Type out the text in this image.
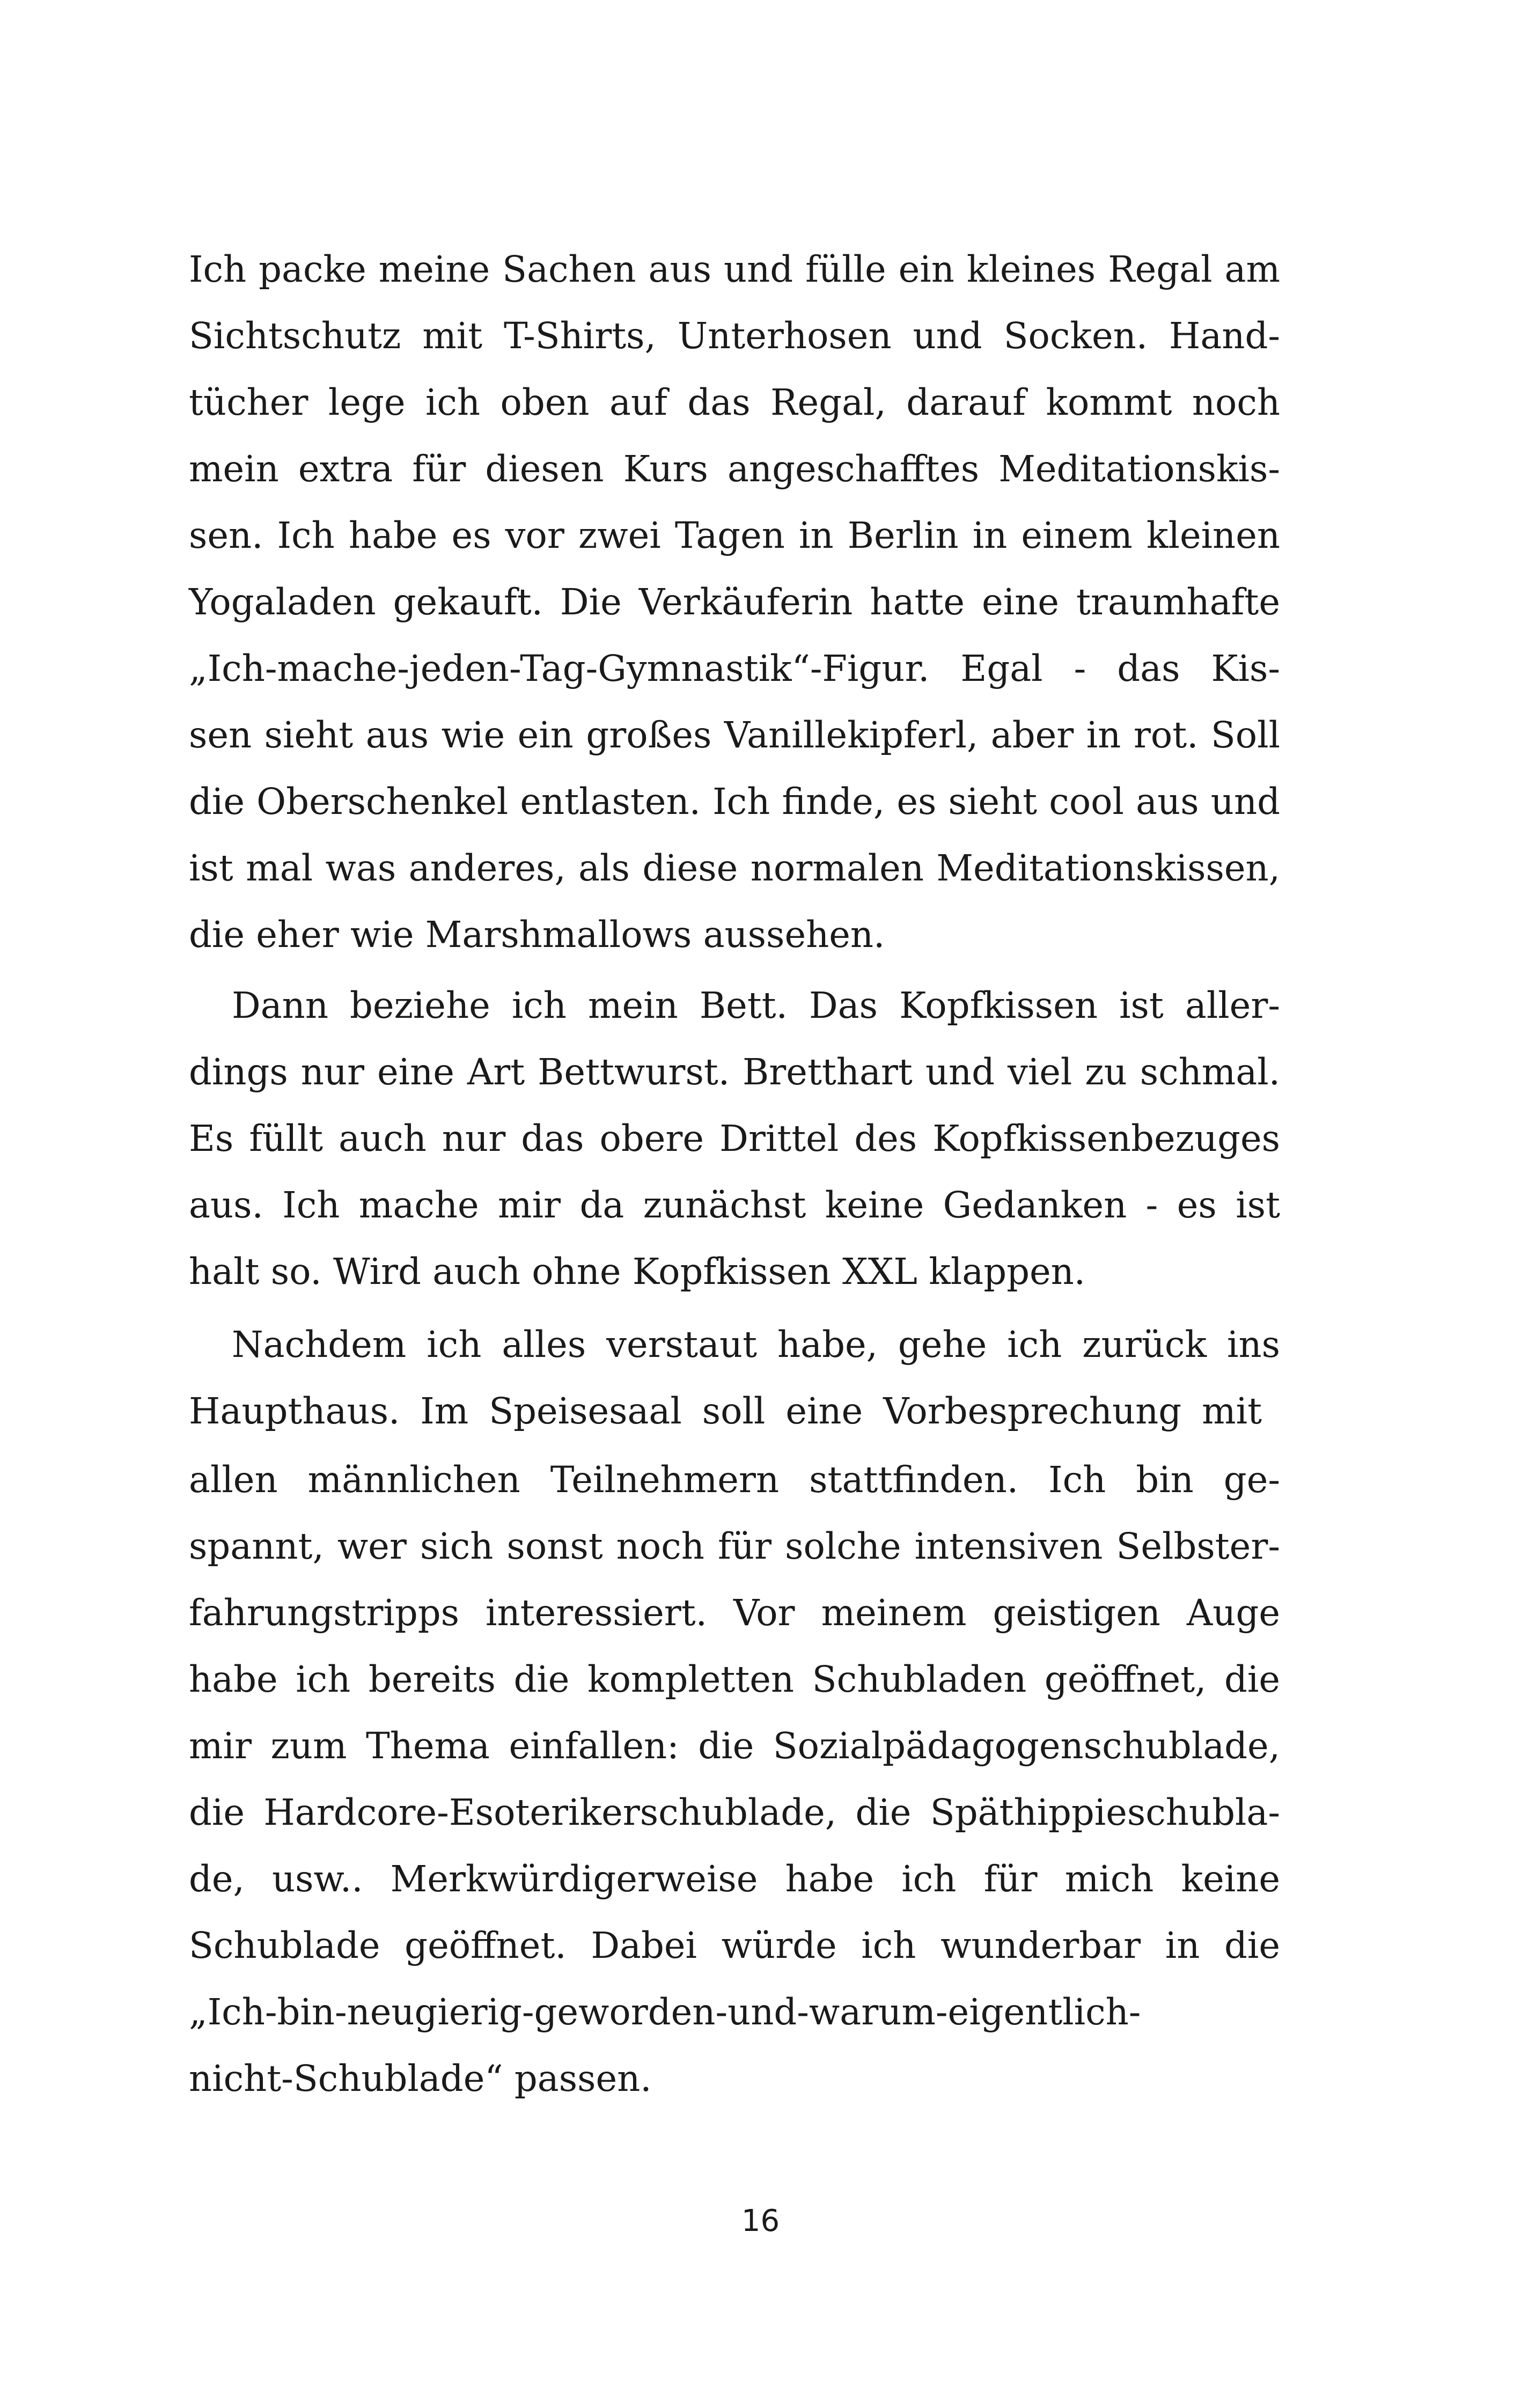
Ich packe meine Sachen aus und fülle ein kleines Regal am
Sichtschutz mit T-Shirts, Unterhosen und Socken. Hand-
tücher lege ich oben auf das Regal, darauf kommt noch
mein extra für diesen Kurs angeschafftes Meditationskis-
sen. Ich habe es vor zwei Tagen in Berlin in einem kleinen
Yogaladen gekauft. Die Verkäuferin hatte eine traumhafte
„Ich-mache-jeden-Tag-Gymnastik“-Figur. Egal - das Kis-
sen sieht aus wie ein großes Vanillekipferl, aber in rot. Soll
die Oberschenkel entlasten. Ich finde, es sieht cool aus und
ist mal was anderes, als diese normalen Meditationskissen,
die eher wie Marshmallows aussehen.
Dann beziehe ich mein Bett. Das Kopfkissen ist aller-
dings nur eine Art Bettwurst. Bretthart und viel zu schmal.
Es füllt auch nur das obere Drittel des Kopfkissenbezuges
aus. Ich mache mir da zunächst keine Gedanken - es ist
halt so. Wird auch ohne Kopfkissen XXL klappen.
Nachdem ich alles verstaut habe, gehe ich zurück ins
Haupthaus. Im Speisesaal soll eine Vorbesprechung mit
allen männlichen Teilnehmern stattfinden. Ich bin ge-
spannt, wer sich sonst noch für solche intensiven Selbster-
fahrungstripps interessiert. Vor meinem geistigen Auge
habe ich bereits die kompletten Schubladen geöffnet, die
mir zum Thema einfallen: die Sozialpädagogenschublade,
die Hardcore-Esoterikerschublade, die Späthippieschubla-
de, usw.. Merkwürdigerweise habe ich für mich keine
Schublade geöffnet. Dabei würde ich wunderbar in die
„Ich-bin-neugierig-geworden-und-warum-eigentlich-
nicht-Schublade“ passen.
16
